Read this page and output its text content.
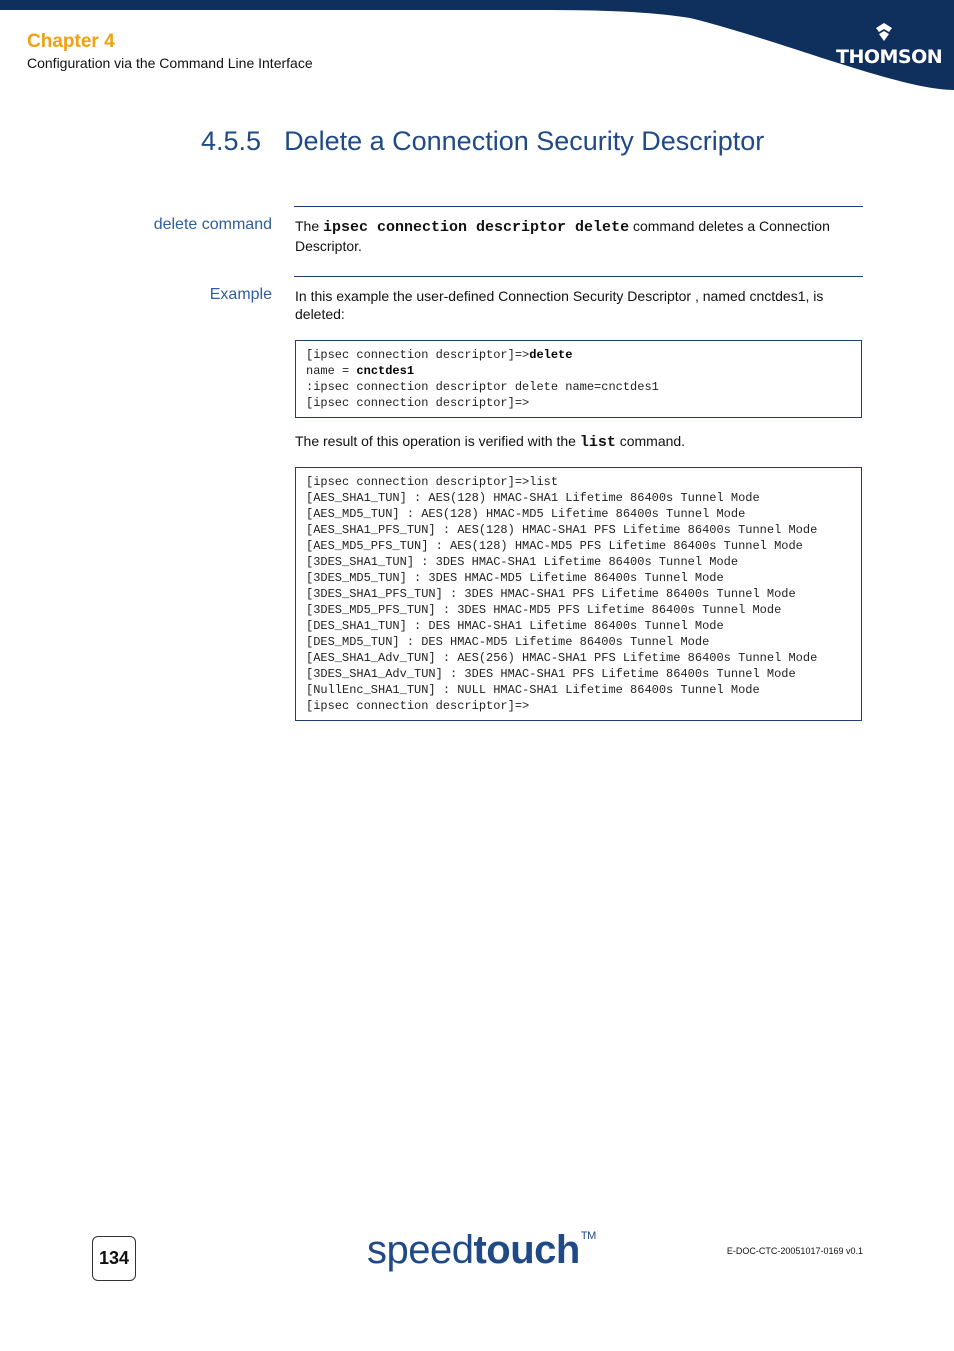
THOMSON
Chapter 4
Configuration via the Command Line Interface
4.5.5 Delete a Connection Security Descriptor
delete command The ipsec connection descriptor delete command deletes a Connection Descriptor.
Example In this example the user-defined Connection Security Descriptor , named cnctdes1, is deleted:
[ipsec connection descriptor]=>delete
name = cnctdes1
:ipsec connection descriptor delete name=cnctdes1
[ipsec connection descriptor]=>
The result of this operation is verified with the list command.
[ipsec connection descriptor]=>list
[AES_SHA1_TUN] : AES(128) HMAC-SHA1 Lifetime 86400s Tunnel Mode
[AES_MD5_TUN] : AES(128) HMAC-MD5 Lifetime 86400s Tunnel Mode
[AES_SHA1_PFS_TUN] : AES(128) HMAC-SHA1 PFS Lifetime 86400s Tunnel Mode
[AES_MD5_PFS_TUN] : AES(128) HMAC-MD5 PFS Lifetime 86400s Tunnel Mode
[3DES_SHA1_TUN] : 3DES HMAC-SHA1 Lifetime 86400s Tunnel Mode
[3DES_MD5_TUN] : 3DES HMAC-MD5 Lifetime 86400s Tunnel Mode
[3DES_SHA1_PFS_TUN] : 3DES HMAC-SHA1 PFS Lifetime 86400s Tunnel Mode
[3DES_MD5_PFS_TUN] : 3DES HMAC-MD5 PFS Lifetime 86400s Tunnel Mode
[DES_SHA1_TUN] : DES HMAC-SHA1 Lifetime 86400s Tunnel Mode
[DES_MD5_TUN] : DES HMAC-MD5 Lifetime 86400s Tunnel Mode
[AES_SHA1_Adv_TUN] : AES(256) HMAC-SHA1 PFS Lifetime 86400s Tunnel Mode
[3DES_SHA1_Adv_TUN] : 3DES HMAC-SHA1 PFS Lifetime 86400s Tunnel Mode
[NullEnc_SHA1_TUN] : NULL HMAC-SHA1 Lifetime 86400s Tunnel Mode
[ipsec connection descriptor]=>
134	speedtouch™
E-DOC-CTC-20051017-0169 v0.1
